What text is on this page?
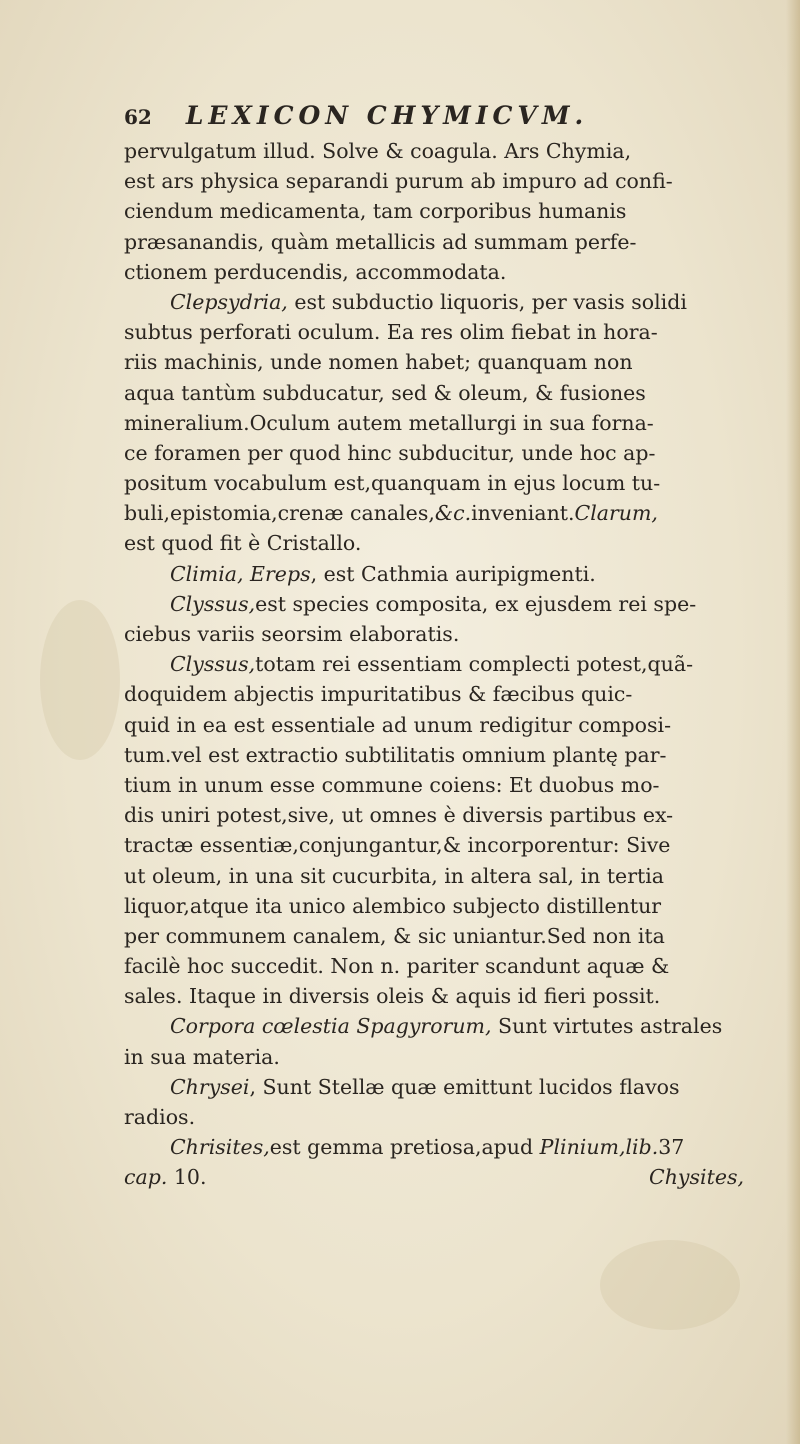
62 LEXICON CHYMICVM.
pervulgatum illud. Solve & coagula. Ars Chymia,
est ars physica separandi purum ab impuro ad confi-
ciendum medicamenta, tam corporibus humanis
præsanandis, quàm metallicis ad summam perfe-
ctionem perducendis, accommodata.
Clepsydria, est subductio liquoris, per vasis solidi
subtus perforati oculum. Ea res olim fiebat in hora-
riis machinis, unde nomen habet; quanquam non
aqua tantùm subducatur, sed & oleum, & fusiones
mineralium.Oculum autem metallurgi in sua forna-
ce foramen per quod hinc subducitur, unde hoc ap-
positum vocabulum est,quanquam in ejus locum tu-
buli,epistomia,crenæ canales,&c.inveniant.Clarum,
est quod fit è Cristallo.
Climia, Ereps, est Cathmia auripigmenti.
Clyssus,est species composita, ex ejusdem rei spe-
ciebus variis seorsim elaboratis.
Clyssus,totam rei essentiam complecti potest,quã-
doquidem abjectis impuritatibus & fæcibus quic-
quid in ea est essentiale ad unum redigitur composi-
tum.vel est extractio subtilitatis omnium plantę par-
tium in unum esse commune coiens: Et duobus mo-
dis uniri potest,sive, ut omnes è diversis partibus ex-
tractæ essentiæ,conjungantur,& incorporentur: Sive
ut oleum, in una sit cucurbita, in altera sal, in tertia
liquor,atque ita unico alembico subjecto distillentur
per communem canalem, & sic uniantur.Sed non ita
facilè hoc succedit. Non n. pariter scandunt aquæ &
sales. Itaque in diversis oleis & aquis id fieri possit.
Corpora cœlestia Spagyrorum, Sunt virtutes astrales
in sua materia.
Chrysei, Sunt Stellæ quæ emittunt lucidos flavos
radios.
Chrisites,est gemma pretiosa,apud Plinium,lib.37
cap. 10.	Chysites,
